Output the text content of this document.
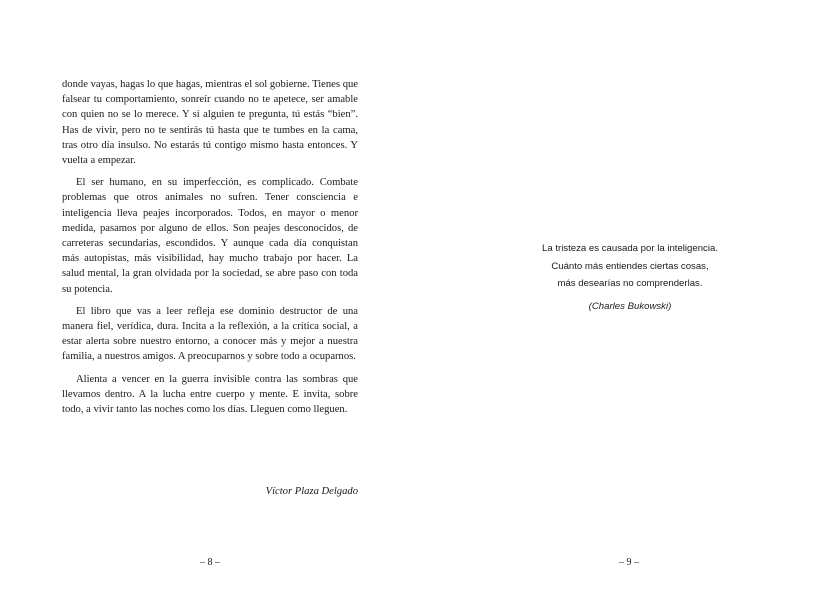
donde vayas, hagas lo que hagas, mientras el sol gobierne. Tienes que falsear tu comportamiento, sonreír cuando no te apetece, ser amable con quien no se lo merece. Y si alguien te pregunta, tú estás “bien”. Has de vivir, pero no te sentirás tú hasta que te tumbes en la cama, tras otro día insulso. No estarás tú contigo mismo hasta entonces. Y vuelta a empezar.

El ser humano, en su imperfección, es complicado. Combate problemas que otros animales no sufren. Tener consciencia e inteligencia lleva peajes incorporados. Todos, en mayor o menor medida, pasamos por alguno de ellos. Son peajes desconocidos, de carreteras secundarias, escondidos. Y aunque cada día conquistan más autopistas, más visibilidad, hay mucho trabajo por hacer. La salud mental, la gran olvidada por la sociedad, se abre paso con toda su potencia.

El libro que vas a leer refleja ese dominio destructor de una manera fiel, verídica, dura. Incita a la reflexión, a la crítica social, a estar alerta sobre nuestro entorno, a conocer más y mejor a nuestra familia, a nuestros amigos. A preocuparnos y sobre todo a ocuparnos.

Alienta a vencer en la guerra invisible contra las sombras que llevamos dentro. A la lucha entre cuerpo y mente. E invita, sobre todo, a vivir tanto las noches como los días. Lleguen como lleguen.

Víctor Plaza Delgado
– 8 –
La tristeza es causada por la inteligencia.
Cuánto más entiendes ciertas cosas,
más desearías no comprenderlas.
(Charles Bukowski)
– 9 –
